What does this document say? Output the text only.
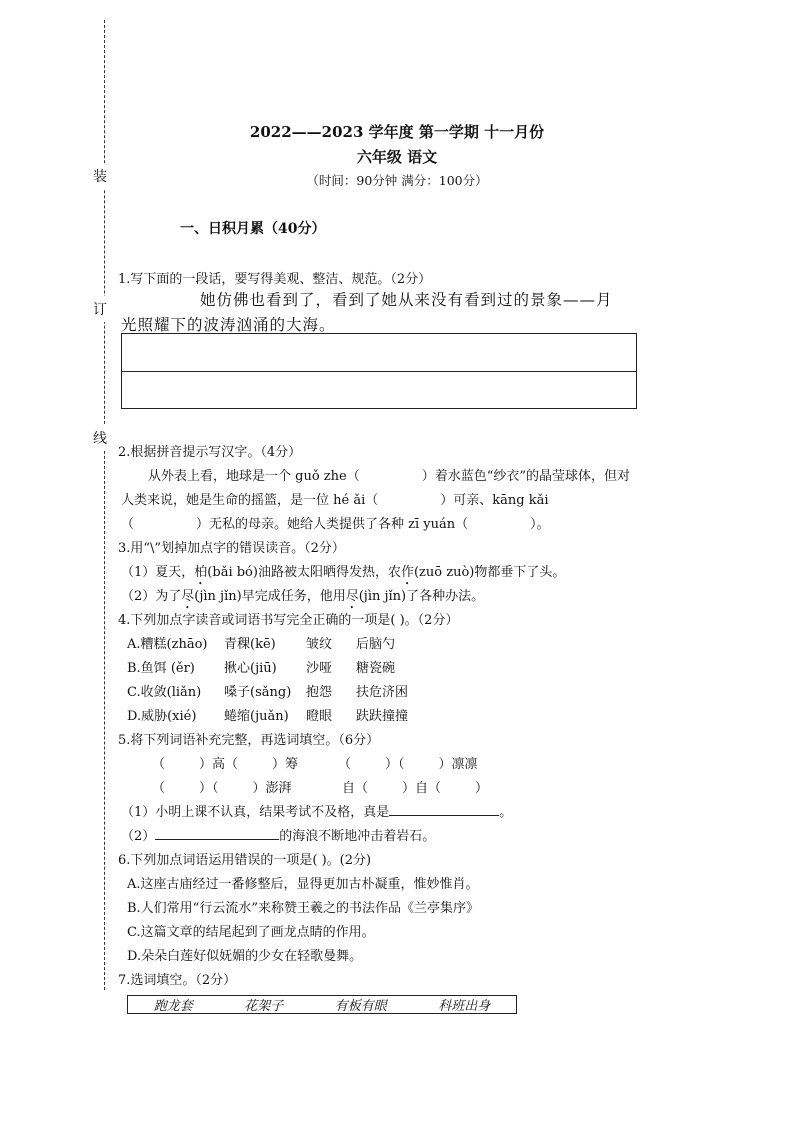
装
订
线
2022——2023 学年度 第一学期 十一月份
六年级 语文
（时间：90分钟 满分：100分）
一、日积月累（40分）
1.写下面的一段话，要写得美观、整洁、规范。（2分）
她仿佛也看到了，看到了她从来没有看到过的景象——月
光照耀下的波涛汹涌的大海。
2.根据拼音提示写汉字。（4分）
从外表上看，地球是一个 guǒ zhe（	）着水蓝色“纱衣”的晶莹球体，但对
人类来说，她是生命的摇篮，是一位 hé ǎi（	）可亲、kāng kǎi
（	）无私的母亲。她给人类提供了各种 zī yuán（	）。
3.用“\”划掉加点字的错误读音。（2分）
（1）夏天，柏(bǎi bó)油路被太阳晒得发热，农作(zuō zuò)物都垂下了头。
（2）为了尽(jìn jǐn)早完成任务，他用尽(jìn jǐn)了各种办法。
4.下列加点字读音或词语书写完全正确的一项是( )。（2分）
A.糟糕(zhāo) 青稞(kē) 皱纹 后脑勺
B.鱼饵 (ěr) 揪心(jiū) 沙哑 糖瓷碗
C.收敛(liǎn) 嗓子(sǎng) 抱怨 扶危济困
D.威胁(xié) 蜷缩(juǎn) 瞪眼 趺趺撞撞
5.将下列词语补充完整，再选词填空。（6分）
（	）高（	）筹	（	）（	）凛凛
（	）（	）澎湃	自（	）自（	）
（1）小明上课不认真，结果考试不及格，真是	。
（2）	的海浪不断地冲击着岩石。
6.下列加点词语运用错误的一项是( )。(2分)
A.这座古庙经过一番修整后，显得更加古朴凝重，惟妙惟肖。
B.人们常用“行云流水”来称赞王羲之的书法作品《兰亭集序》
C.这篇文章的结尾起到了画龙点睛的作用。
D.朵朵白莲好似妩媚的少女在轻歌曼舞。
7.选词填空。（2分）
跑龙套	花架子	有板有眼	科班出身
